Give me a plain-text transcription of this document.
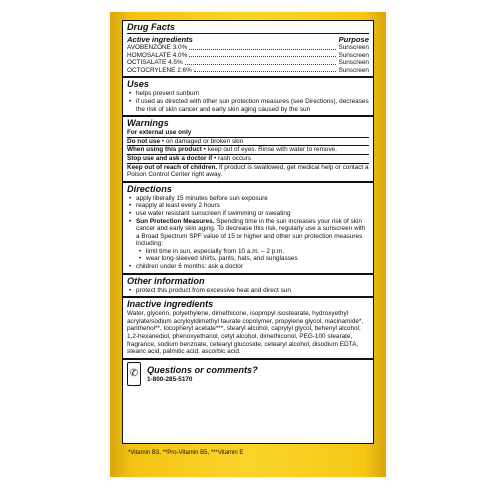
Drug Facts
Active ingredients	Purpose
AVOBENZONE 3.0%	Sunscreen
HOMOSALATE 4.0%	Sunscreen
OCTISALATE 4.5%	Sunscreen
OCTOCRYLENE 2.6%	Sunscreen
Uses
• helps prevent sunburn
• if used as directed with other sun protection measures (see Directions), decreases the risk of skin cancer and early skin aging caused by the sun
Warnings
For external use only
Do not use • on damaged or broken skin
When using this product • keep out of eyes. Rinse with water to remove.
Stop use and ask a doctor if • rash occurs
Keep out of reach of children. If product is swallowed, get medical help or contact a Poison Control Center right away.
Directions
• apply liberally 15 minutes before sun exposure
• reapply at least every 2 hours
• use water resistant sunscreen if swimming or sweating
• Sun Protection Measures. Spending time in the sun increases your risk of skin cancer and early skin aging. To decrease this risk, regularly use a sunscreen with a Broad Spectrum SPF value of 15 or higher and other sun protection measures including:
• limit time in sun, especially from 10 a.m. – 2 p.m.
• wear long-sleeved shirts, pants, hats, and sunglasses
• children under 6 months: ask a doctor
Other information
• protect this product from excessive heat and direct sun
Inactive ingredients
Water, glycerin, polyethylene, dimethicone, isopropyl isostearate, hydroxyethyl acrylate/sodium acryloyldimethyl taurate copolymer, propylene glycol, niacinamide*, panthenol**, tocopheryl acetate***, stearyl alcohol, caprylyl glycol, behenyl alcohol, 1,2-hexanediol, phenoxyethanol, cetyl alcohol, dimethiconol, PEG-100 stearate, fragrance, sodium benzoate, cetearyl glucoside, cetearyl alcohol, disodium EDTA, stearic acid, palmitic acid, ascorbic acid.
✆ Questions or comments?
1-800-285-5170
*Vitamin B3, **Pro-Vitamin B5, ***Vitamin E
